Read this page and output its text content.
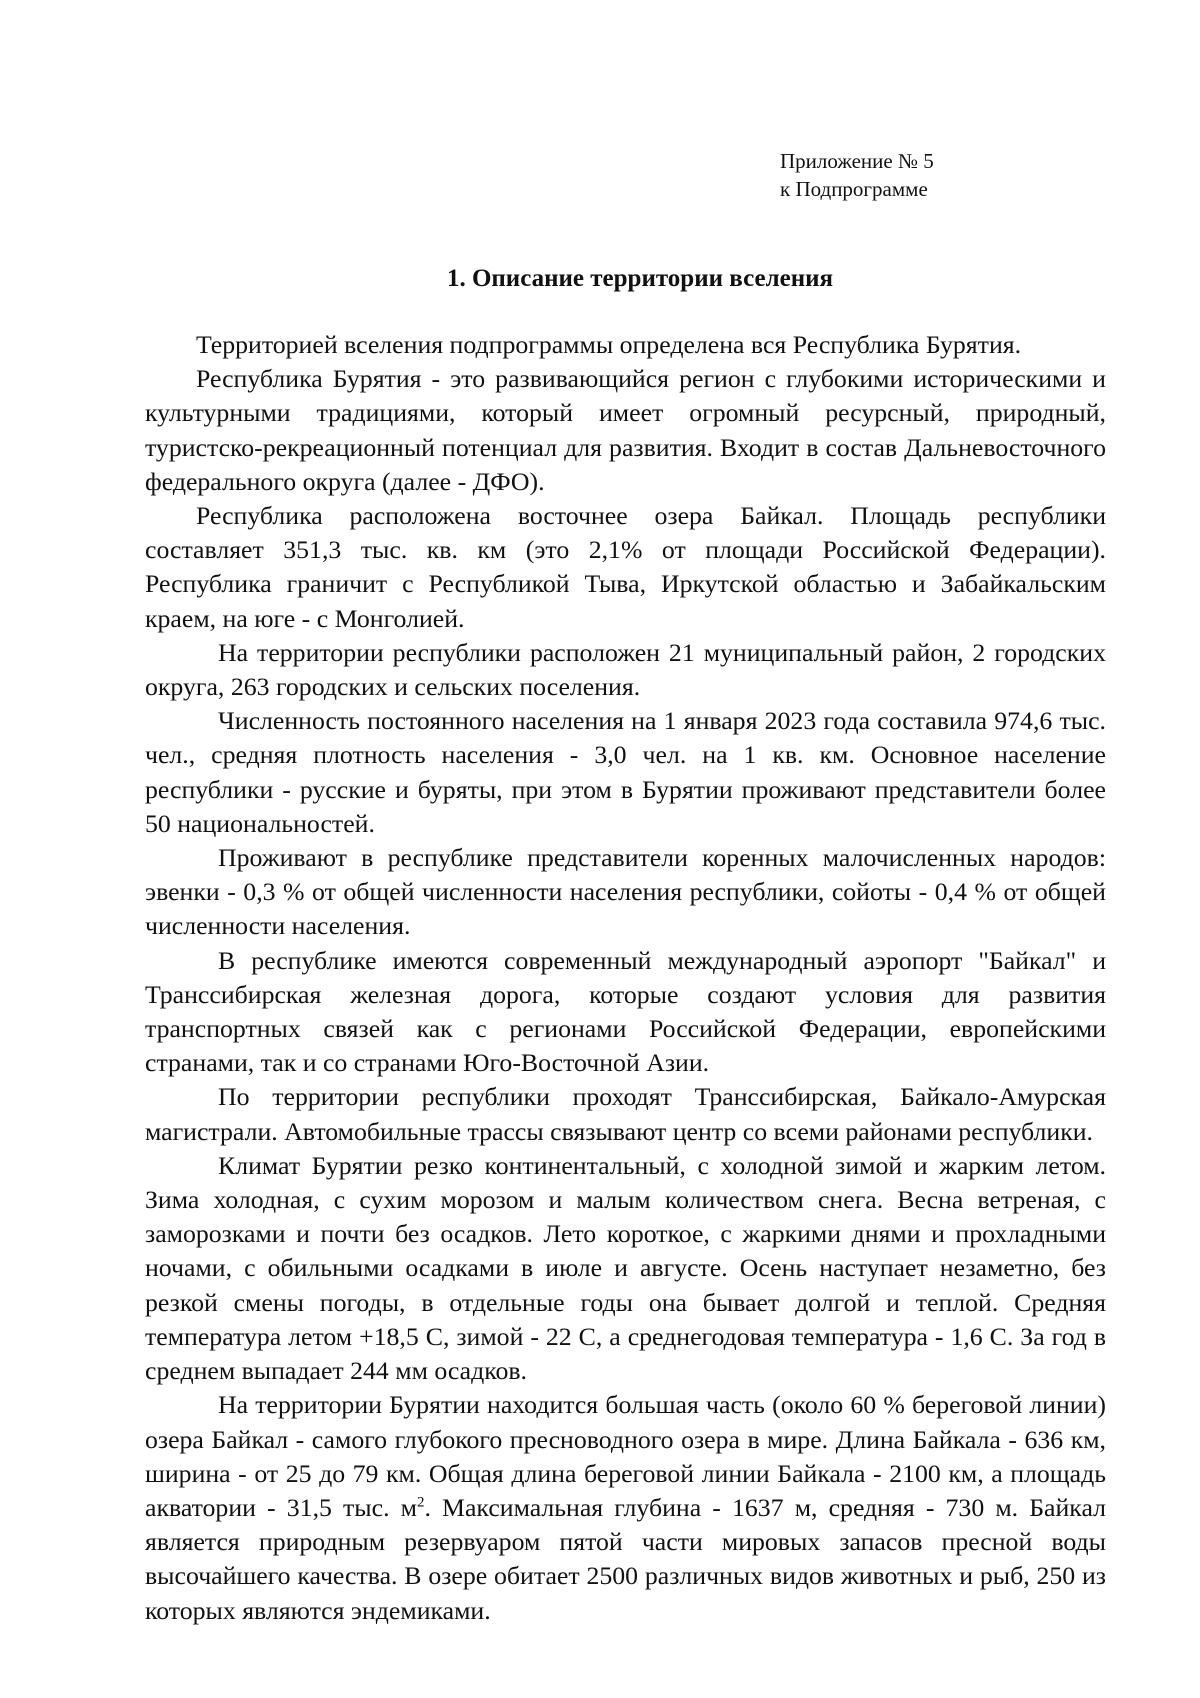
Приложение № 5
к Подпрограмме
1. Описание территории вселения

Территорией вселения подпрограммы определена вся Республика Бурятия.

Республика Бурятия - это развивающийся регион с глубокими историческими и культурными традициями, который имеет огромный ресурсный, природный, туристско-рекреационный потенциал для развития. Входит в состав Дальневосточного федерального округа (далее - ДФО).

Республика расположена восточнее озера Байкал. Площадь республики составляет 351,3 тыс. кв. км (это 2,1% от площади Российской Федерации). Республика граничит с Республикой Тыва, Иркутской областью и Забайкальским краем, на юге - с Монголией.

На территории республики расположен 21 муниципальный район, 2 городских округа, 263 городских и сельских поселения.

Численность постоянного населения на 1 января 2023 года составила 974,6 тыс. чел., средняя плотность населения - 3,0 чел. на 1 кв. км. Основное население республики - русские и буряты, при этом в Бурятии проживают представители более 50 национальностей.

Проживают в республике представители коренных малочисленных народов: эвенки - 0,3 % от общей численности населения республики, сойоты - 0,4 % от общей численности населения.

В республике имеются современный международный аэропорт "Байкал" и Транссибирская железная дорога, которые создают условия для развития транспортных связей как с регионами Российской Федерации, европейскими странами, так и со странами Юго-Восточной Азии.

По территории республики проходят Транссибирская, Байкало-Амурская магистрали. Автомобильные трассы связывают центр со всеми районами республики.

Климат Бурятии резко континентальный, с холодной зимой и жарким летом. Зима холодная, с сухим морозом и малым количеством снега. Весна ветреная, с заморозками и почти без осадков. Лето короткое, с жаркими днями и прохладными ночами, с обильными осадками в июле и августе. Осень наступает незаметно, без резкой смены погоды, в отдельные годы она бывает долгой и теплой. Средняя температура летом +18,5 С, зимой - 22 С, а среднегодовая температура - 1,6 С. За год в среднем выпадает 244 мм осадков.

На территории Бурятии находится большая часть (около 60 % береговой линии) озера Байкал - самого глубокого пресноводного озера в мире. Длина Байкала - 636 км, ширина - от 25 до 79 км. Общая длина береговой линии Байкала - 2100 км, а площадь акватории - 31,5 тыс. $м^2$. Максимальная глубина - 1637 м, средняя - 730 м. Байкал является природным резервуаром пятой части мировых запасов пресной воды высочайшего качества. В озере обитает 2500 различных видов животных и рыб, 250 из которых являются эндемиками.
